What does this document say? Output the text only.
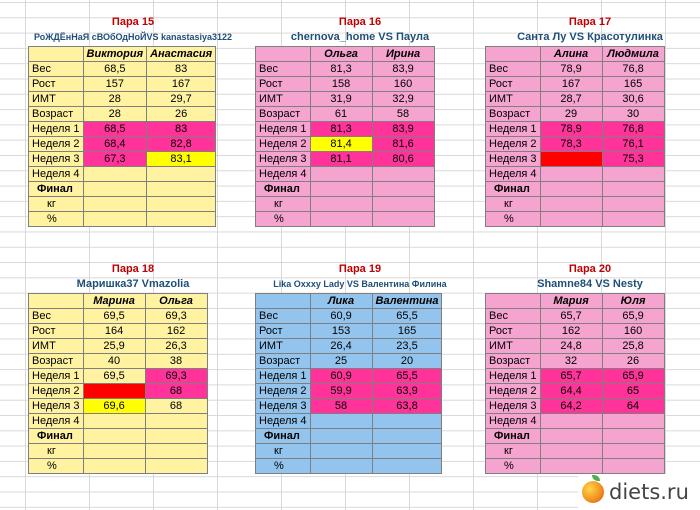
Пара 15
РоЖДЁнНаЯ сВОбОдНоЙVS kanastasiya3122
	Виктория	Анастасия
Вес	68,5	83
Рост	157	167
ИМТ	28	29,7
Возраст	28	26
Неделя 1	68,5	83
Неделя 2	68,4	82,8
Неделя 3	67,3	83,1
Неделя 4		
Финал		
кг		
%		
Пара 16
chernova_home VS Паула
	Ольга	Ирина
Вес	81,3	83,9
Рост	158	160
ИМТ	31,9	32,9
Возраст	61	58
Неделя 1	81,3	83,9
Неделя 2	81,4	81,6
Неделя 3	81,1	80,6
Неделя 4		
Финал		
кг		
%		
Пара 17
Санта Лу VS Красотулинка
	Алина	Людмила
Вес	78,9	76,8
Рост	167	165
ИМТ	28,7	30,6
Возраст	29	30
Неделя 1	78,9	76,8
Неделя 2	78,3	76,1
Неделя 3		75,3
Неделя 4		
Финал		
кг		
%		
Пара 18
Маришка37 Vmazolia
	Марина	Ольга
Вес	69,5	69,3
Рост	164	162
ИМТ	25,9	26,3
Возраст	40	38
Неделя 1	69,5	69,3
Неделя 2		68
Неделя 3	69,6	68
Неделя 4		
Финал		
кг		
%		
Пара 19
Lika Oxxxy Lady VS Валентина Филина
	Лика	Валентина
Вес	60,9	65,5
Рост	153	165
ИМТ	26,4	23,5
Возраст	25	20
Неделя 1	60,9	65,5
Неделя 2	59,9	63,9
Неделя 3	58	63,8
Неделя 4		
Финал		
кг		
%		
Пара 20
Shamne84 VS Nesty
	Мария	Юля
Вес	65,7	65,9
Рост	162	160
ИМТ	24,8	25,8
Возраст	32	26
Неделя 1	65,7	65,9
Неделя 2	64,4	65
Неделя 3	64,2	64
Неделя 4		
Финал		
кг		
%		
diets.ru
